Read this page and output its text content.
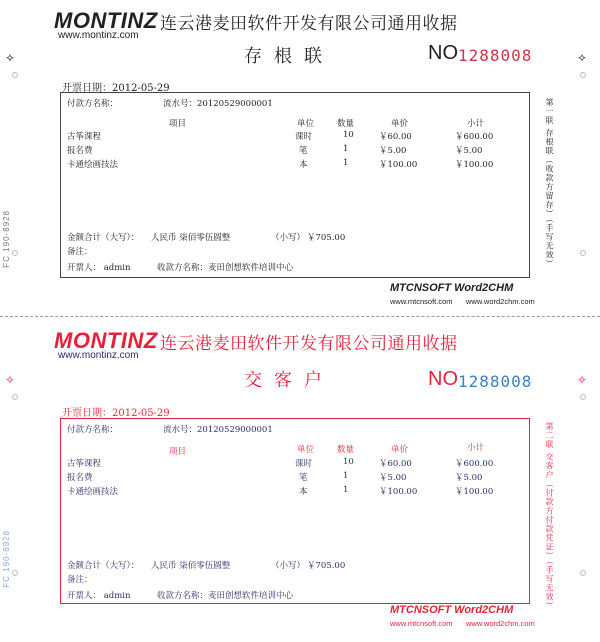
MONTINZ
www.montinz.com
连云港麦田软件开发有限公司通用收据
存根联	NO 1288008
⟡	⟡
开票日期：2012-05-29
付款方名称：	流水号：20120529000001
项目	单位	数量	单价	小计
古筝课程	课时	10	￥60.00	￥600.00
报名费	笔	1	￥5.00	￥5.00
卡通绘画技法	本	1	￥100.00	￥100.00
金额合计（大写）： 人民币 柒佰零伍圆整	（小写） ￥705.00
备注：
开票人： admin	收款方名称：麦田创想软件培训中心	第一联 存根联（收款方留存）（手写无效）
FC 190-8928
MTCNSOFT Word2CHM
www.mtcnsoft.com www.word2chm.com
MONTINZ
www.montinz.com
连云港麦田软件开发有限公司通用收据
交客户	NO 1288008
⟡	⟡
开票日期：2012-05-29
付款方名称：	流水号：20120529000001
项目	单位	数量	单价	小计
古筝课程	课时	10	￥60.00	￥600.00
报名费	笔	1	￥5.00	￥5.00
卡通绘画技法	本	1	￥100.00	￥100.00
金额合计（大写）： 人民币 柒佰零伍圆整	（小写） ￥705.00
备注：
开票人： admin	收款方名称：麦田创想软件培训中心	第二联 交客户（付款方付款凭证）（手写无效）
FC 190-8928
MTCNSOFT Word2CHM
www.mtcnsoft.com www.word2chm.com
